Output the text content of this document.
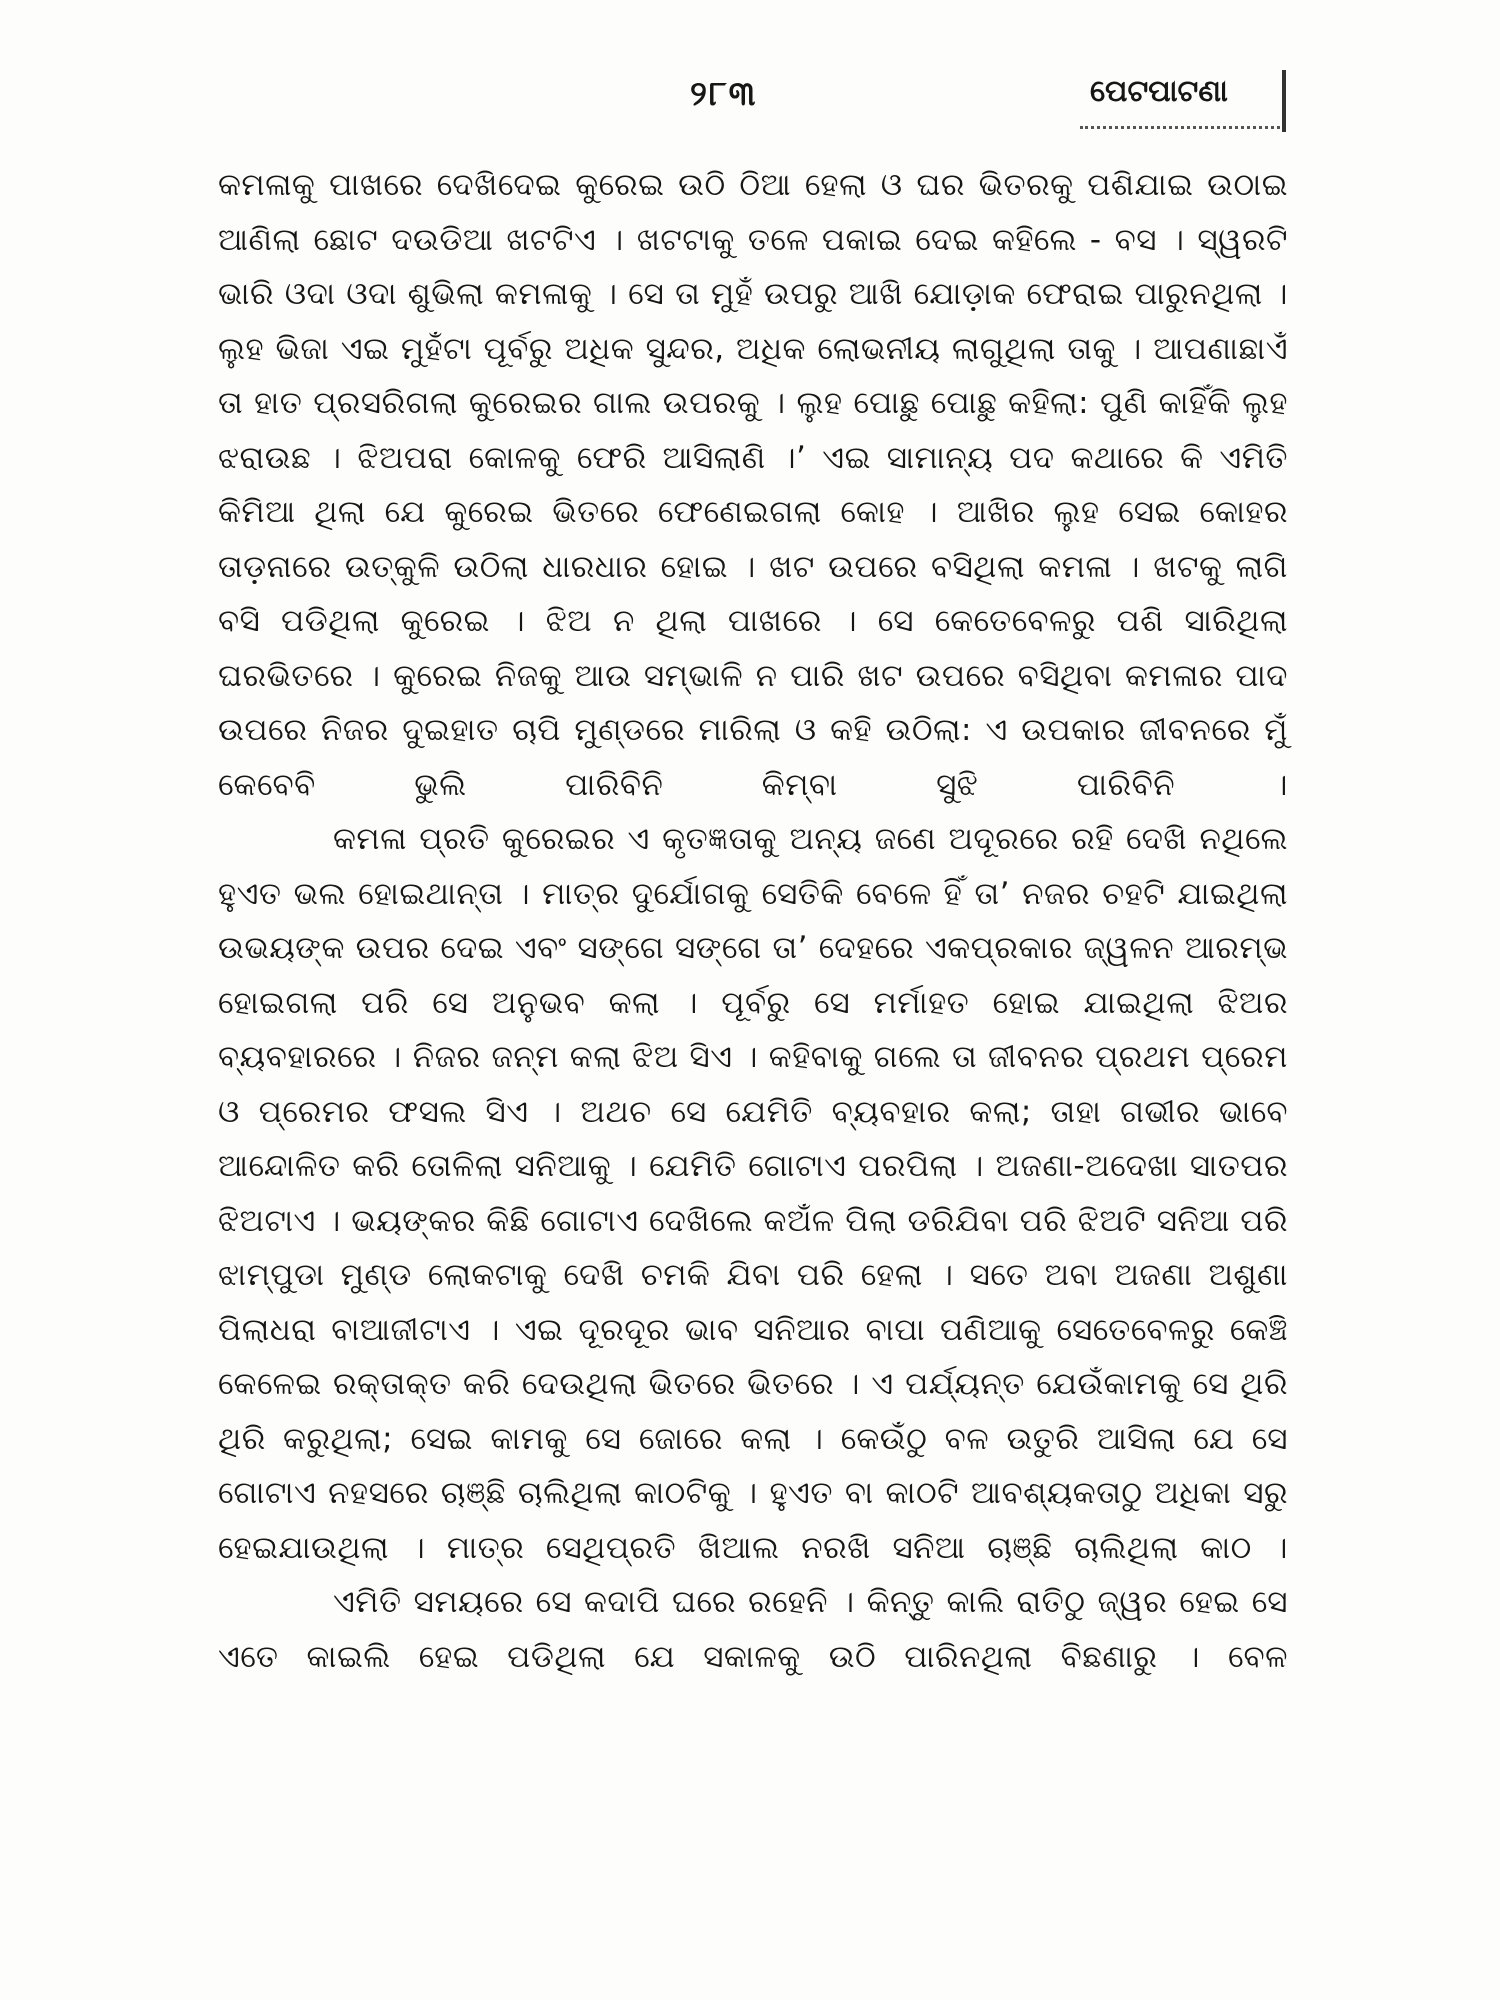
୨୮୩	ପେଟପାଟଣା

କମଳାକୁ ପାଖରେ ଦେଖିଦେଇ କୁରେଇ ଉଠି ଠିଆ ହେଲା ଓ ଘର ଭିତରକୁ ପଶିଯାଇ ଉଠାଇ ଆଣିଲା ଛୋଟ ଦଉଡିଆ ଖଟଟିଏ । ଖଟଟାକୁ ତଳେ ପକାଇ ଦେଇ କହିଲେ - ବସ । ସ୍ୱରଟି ଭାରି ଓଦା ଓଦା ଶୁଭିଲା କମଳାକୁ । ସେ ତା ମୁହଁ ଉପରୁ ଆଖି ଯୋଡ଼ାକ ଫେରାଇ ପାରୁନଥିଲା । ଲୁହ ଭିଜା ଏଇ ମୁହଁଟା ପୂର୍ବରୁ ଅଧିକ ସୁନ୍ଦର, ଅଧିକ ଲୋଭନୀୟ ଲାଗୁଥିଲା ତାକୁ । ଆପଣାଛାଏଁ ତା ହାତ ପ୍ରସରିଗଲା କୁରେଇର ଗାଲ ଉପରକୁ । ଲୁହ ପୋଛୁ ପୋଛୁ କହିଲା: ପୁଣି କାହିଁକି ଲୁହ ଝରାଉଛ । ଝିଅପରା କୋଳକୁ ଫେରି ଆସିଲାଣି ।’ ଏଇ ସାମାନ୍ୟ ପଦ କଥାରେ କି ଏମିତି କିମିଆ ଥିଲା ଯେ କୁରେଇ ଭିତରେ ଫେଣେଇଗଲା କୋହ । ଆଖିର ଲୁହ ସେଇ କୋହର ତାଡ଼ନାରେ ଉତ୍କୁଳି ଉଠିଲା ଧାରଧାର ହୋଇ । ଖଟ ଉପରେ ବସିଥିଲା କମଳା । ଖଟକୁ ଲାଗି ବସି ପଡିଥିଲା କୁରେଇ । ଝିଅ ନ ଥିଲା ପାଖରେ । ସେ କେତେବେଳରୁ ପଶି ସାରିଥିଲା ଘରଭିତରେ । କୁରେଇ ନିଜକୁ ଆଉ ସମ୍ଭାଳି ନ ପାରି ଖଟ ଉପରେ ବସିଥିବା କମଳାର ପାଦ ଉପରେ ନିଜର ଦୁଇହାତ ଚାପି ମୁଣ୍ଡରେ ମାରିଲା ଓ କହି ଉଠିଲା: ଏ ଉପକାର ଜୀବନରେ ମୁଁ କେବେବି ଭୁଲି ପାରିବିନି କିମ୍ବା ସୁଝି ପାରିବିନି ।

କମଳା ପ୍ରତି କୁରେଇର ଏ କୃତଜ୍ଞତାକୁ ଅନ୍ୟ ଜଣେ ଅଦୂରରେ ରହି ଦେଖି ନଥିଲେ ହୁଏତ ଭଲ ହୋଇଥାନ୍ତା । ମାତ୍ର ଦୁର୍ଯୋଗକୁ ସେତିକି ବେଳେ ହିଁ ତା’ ନଜର ଚହଟି ଯାଇଥିଲା ଉଭୟଙ୍କ ଉପର ଦେଇ ଏବଂ ସଙ୍ଗେ ସଙ୍ଗେ ତା’ ଦେହରେ ଏକପ୍ରକାର ଜ୍ୱଳନ ଆରମ୍ଭ ହୋଇଗଲା ପରି ସେ ଅନୁଭବ କଲା । ପୂର୍ବରୁ ସେ ମର୍ମାହତ ହୋଇ ଯାଇଥିଲା ଝିଅର ବ୍ୟବହାରରେ । ନିଜର ଜନ୍ମ କଲା ଝିଅ ସିଏ । କହିବାକୁ ଗଲେ ତା ଜୀବନର ପ୍ରଥମ ପ୍ରେମ ଓ ପ୍ରେମର ଫସଲ ସିଏ । ଅଥଚ ସେ ଯେମିତି ବ୍ୟବହାର କଲା; ତାହା ଗଭୀର ଭାବେ ଆନ୍ଦୋଳିତ କରି ତୋଳିଲା ସନିଆକୁ । ଯେମିତି ଗୋଟାଏ ପରପିଲା । ଅଜଣା-ଅଦେଖା ସାତପର ଝିଅଟାଏ । ଭୟଙ୍କର କିଛି ଗୋଟାଏ ଦେଖିଲେ କଅଁଳ ପିଲା ଡରିଯିବା ପରି ଝିଅଟି ସନିଆ ପରି ଝାମ୍ପୁଡା ମୁଣ୍ଡ ଲୋକଟାକୁ ଦେଖି ଚମକି ଯିବା ପରି ହେଲା । ସତେ ଅବା ଅଜଣା ଅଶୁଣା ପିଲାଧରା ବାଆଜୀଟାଏ । ଏଇ ଦୂରଦୂର ଭାବ ସନିଆର ବାପା ପଣିଆକୁ ସେତେବେଳରୁ କେଞ୍ଚି କେଳେଇ ରକ୍ତାକ୍ତ କରି ଦେଉଥିଲା ଭିତରେ ଭିତରେ । ଏ ପର୍ଯ୍ୟନ୍ତ ଯେଉଁକାମକୁ ସେ ଥିରି ଥିରି କରୁଥିଲା; ସେଇ କାମକୁ ସେ ଜୋରେ କଲା । କେଉଁଠୁ ବଳ ଉତୁରି ଆସିଲା ଯେ ସେ ଗୋଟାଏ ନହସରେ ଚାଞ୍ଛି ଚାଲିଥିଲା କାଠଟିକୁ । ହୁଏତ ବା କାଠଟି ଆବଶ୍ୟକତାଠୁ ଅଧିକା ସରୁ ହେଇଯାଉଥିଲା । ମାତ୍ର ସେଥିପ୍ରତି ଖିଆଲ ନରଖି ସନିଆ ଚାଞ୍ଛି ଚାଲିଥିଲା କାଠ ।

ଏମିତି ସମୟରେ ସେ କଦାପି ଘରେ ରହେନି । କିନ୍ତୁ କାଲି ରାତିଠୁ ଜ୍ୱର ହେଇ ସେ ଏତେ କାଇଲି ହେଇ ପଡିଥିଲା ଯେ ସକାଳକୁ ଉଠି ପାରିନଥିଲା ବିଛଣାରୁ । ବେଳ
